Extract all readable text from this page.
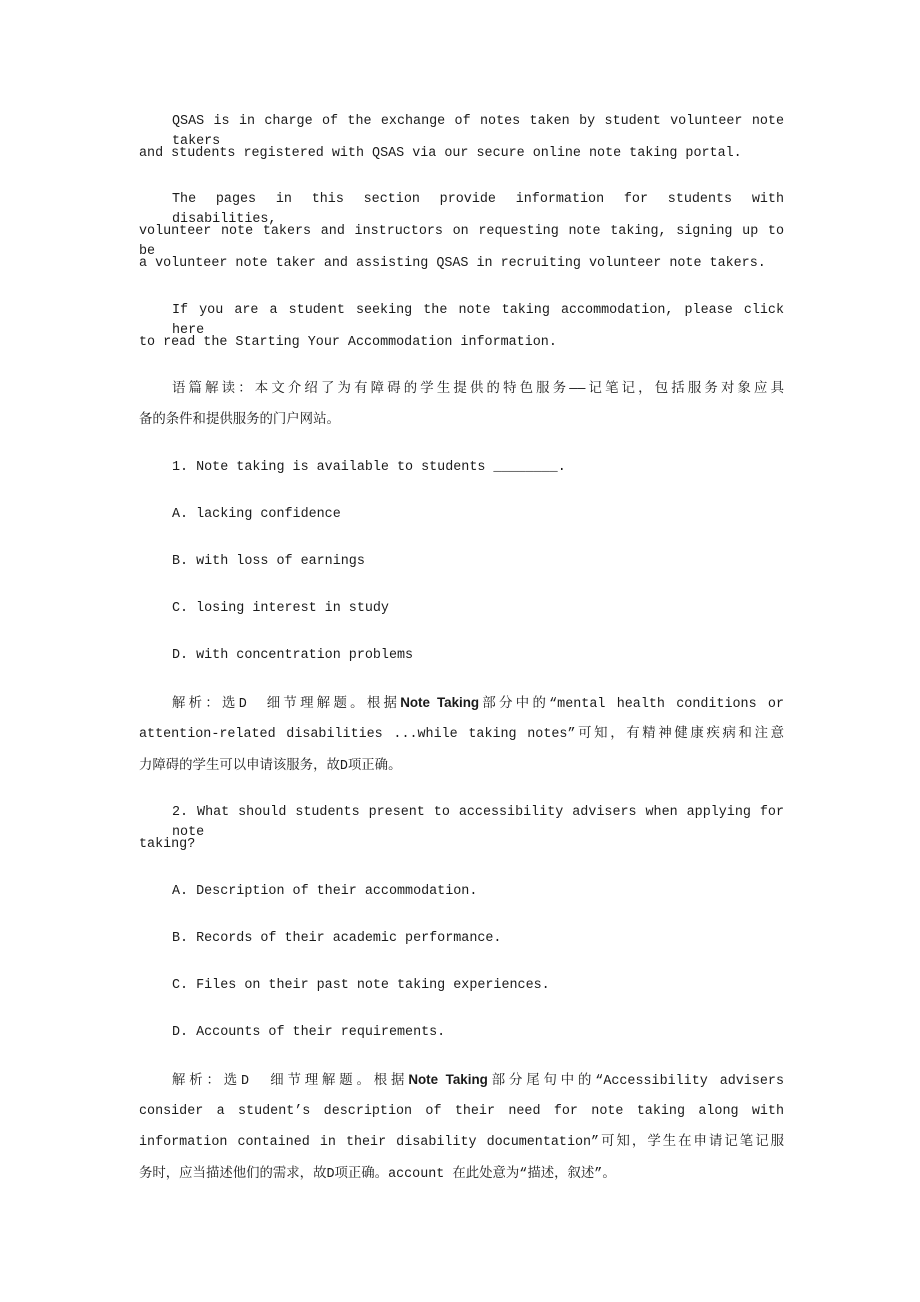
QSAS is in charge of the exchange of notes taken by student volunteer note takers
and students registered with QSAS via our secure online note taking portal.
The pages in this section provide information for students with disabilities,
volunteer note takers and instructors on requesting note taking, signing up to be
a volunteer note taker and assisting QSAS in recruiting volunteer note takers.
If you are a student seeking the note taking accommodation, please click here
to read the Starting Your Accommodation information.
语篇解读：本文介绍了为有障碍的学生提供的特色服务——记笔记，包括服务对象应具
备的条件和提供服务的门户网站。
1. Note taking is available to students ________.
A. lacking confidence
B. with loss of earnings
C. losing interest in study
D. with concentration problems
解析：选D　细节理解题。根据Note Taking部分中的“mental health conditions or
attention-related disabilities ...while taking notes”可知，有精神健康疾病和注意
力障碍的学生可以申请该服务，故D项正确。
2. What should students present to accessibility advisers when applying for note
taking?
A. Description of their accommodation.
B. Records of their academic performance.
C. Files on their past note taking experiences.
D. Accounts of their requirements.
解析：选D　细节理解题。根据Note Taking部分尾句中的“Accessibility advisers
consider a student’s description of their need for note taking along with
information contained in their disability documentation”可知，学生在申请记笔记服
务时，应当描述他们的需求，故D项正确。account 在此处意为“描述，叙述”。
